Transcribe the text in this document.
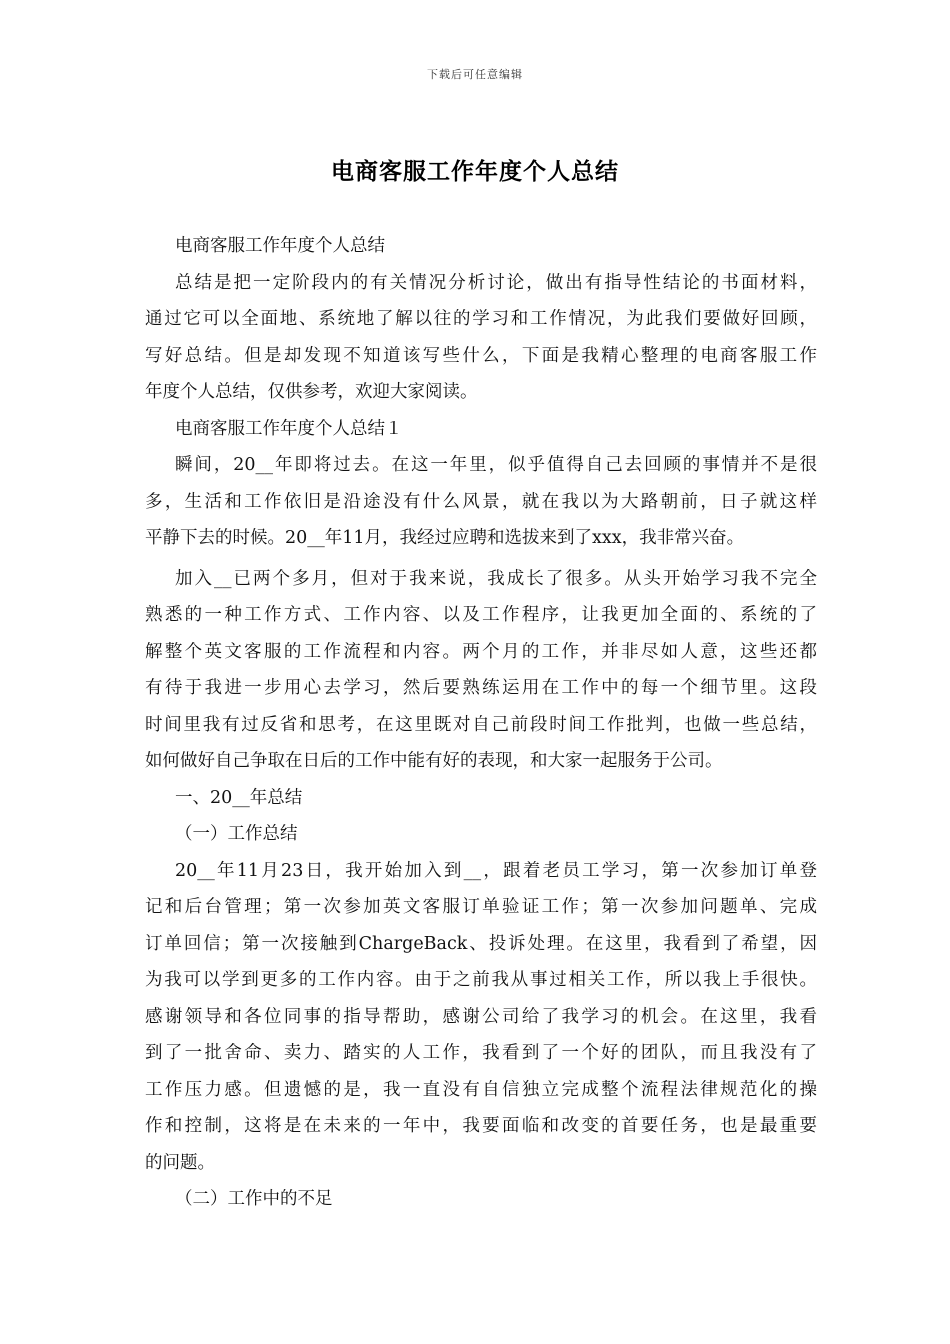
下载后可任意编辑
电商客服工作年度个人总结
电商客服工作年度个人总结
总结是把一定阶段内的有关情况分析讨论，做出有指导性结论的书面材料，
通过它可以全面地、系统地了解以往的学习和工作情况，为此我们要做好回顾，
写好总结。但是却发现不知道该写些什么，下面是我精心整理的电商客服工作
年度个人总结，仅供参考，欢迎大家阅读。
电商客服工作年度个人总结１
瞬间，20__年即将过去。在这一年里，似乎值得自己去回顾的事情并不是很
多，生活和工作依旧是沿途没有什么风景，就在我以为大路朝前，日子就这样
平静下去的时候。20__年11月，我经过应聘和选拔来到了xxx，我非常兴奋。
加入__已两个多月，但对于我来说，我成长了很多。从头开始学习我不完全
熟悉的一种工作方式、工作内容、以及工作程序，让我更加全面的、系统的了
解整个英文客服的工作流程和内容。两个月的工作，并非尽如人意，这些还都
有待于我进一步用心去学习，然后要熟练运用在工作中的每一个细节里。这段
时间里我有过反省和思考，在这里既对自己前段时间工作批判，也做一些总结，
如何做好自己争取在日后的工作中能有好的表现，和大家一起服务于公司。
一、20__年总结
（一）工作总结
20__年11月23日，我开始加入到__，跟着老员工学习，第一次参加订单登
记和后台管理；第一次参加英文客服订单验证工作；第一次参加问题单、完成
订单回信；第一次接触到ChargeBack、投诉处理。在这里，我看到了希望，因
为我可以学到更多的工作内容。由于之前我从事过相关工作，所以我上手很快。
感谢领导和各位同事的指导帮助，感谢公司给了我学习的机会。在这里，我看
到了一批舍命、卖力、踏实的人工作，我看到了一个好的团队，而且我没有了
工作压力感。但遗憾的是，我一直没有自信独立完成整个流程法律规范化的操
作和控制，这将是在未来的一年中，我要面临和改变的首要任务，也是最重要
的问题。
（二）工作中的不足
